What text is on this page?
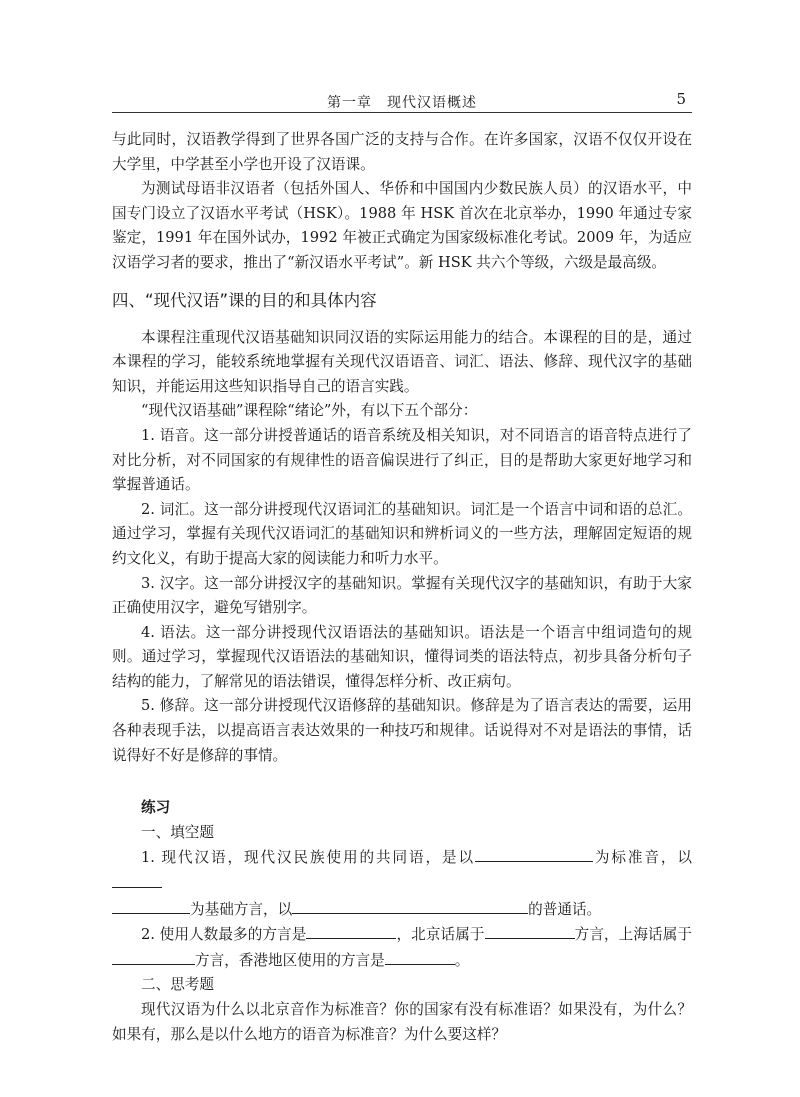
第一章　现代汉语概述	5

与此同时，汉语教学得到了世界各国广泛的支持与合作。在许多国家，汉语不仅仅开设在大学里，中学甚至小学也开设了汉语课。

为测试母语非汉语者（包括外国人、华侨和中国国内少数民族人员）的汉语水平，中国专门设立了汉语水平考试（HSK）。1988 年 HSK 首次在北京举办，1990 年通过专家鉴定，1991 年在国外试办，1992 年被正式确定为国家级标准化考试。2009 年，为适应汉语学习者的要求，推出了“新汉语水平考试”。新 HSK 共六个等级，六级是最高级。

四、“现代汉语”课的目的和具体内容

本课程注重现代汉语基础知识同汉语的实际运用能力的结合。本课程的目的是，通过本课程的学习，能较系统地掌握有关现代汉语语音、词汇、语法、修辞、现代汉字的基础知识，并能运用这些知识指导自己的语言实践。

“现代汉语基础”课程除“绪论”外，有以下五个部分：

1. 语音。这一部分讲授普通话的语音系统及相关知识，对不同语言的语音特点进行了对比分析，对不同国家的有规律性的语音偏误进行了纠正，目的是帮助大家更好地学习和掌握普通话。

2. 词汇。这一部分讲授现代汉语词汇的基础知识。词汇是一个语言中词和语的总汇。通过学习，掌握有关现代汉语词汇的基础知识和辨析词义的一些方法，理解固定短语的规约文化义，有助于提高大家的阅读能力和听力水平。

3. 汉字。这一部分讲授汉字的基础知识。掌握有关现代汉字的基础知识，有助于大家正确使用汉字，避免写错别字。

4. 语法。这一部分讲授现代汉语语法的基础知识。语法是一个语言中组词造句的规则。通过学习，掌握现代汉语语法的基础知识，懂得词类的语法特点，初步具备分析句子结构的能力，了解常见的语法错误，懂得怎样分析、改正病句。

5. 修辞。这一部分讲授现代汉语修辞的基础知识。修辞是为了语言表达的需要，运用各种表现手法，以提高语言表达效果的一种技巧和规律。话说得对不对是语法的事情，话说得好不好是修辞的事情。

练习

一、填空题

1. 现代汉语，现代汉民族使用的共同语，是以	为标准音，以
为基础方言，以	的普通话。

2. 使用人数最多的方言是	，北京话属于	方言，上海话属于方言，香港地区使用的方言是	。

二、思考题

现代汉语为什么以北京音作为标准音？你的国家有没有标准语？如果没有，为什么？如果有，那么是以什么地方的语音为标准音？为什么要这样？
